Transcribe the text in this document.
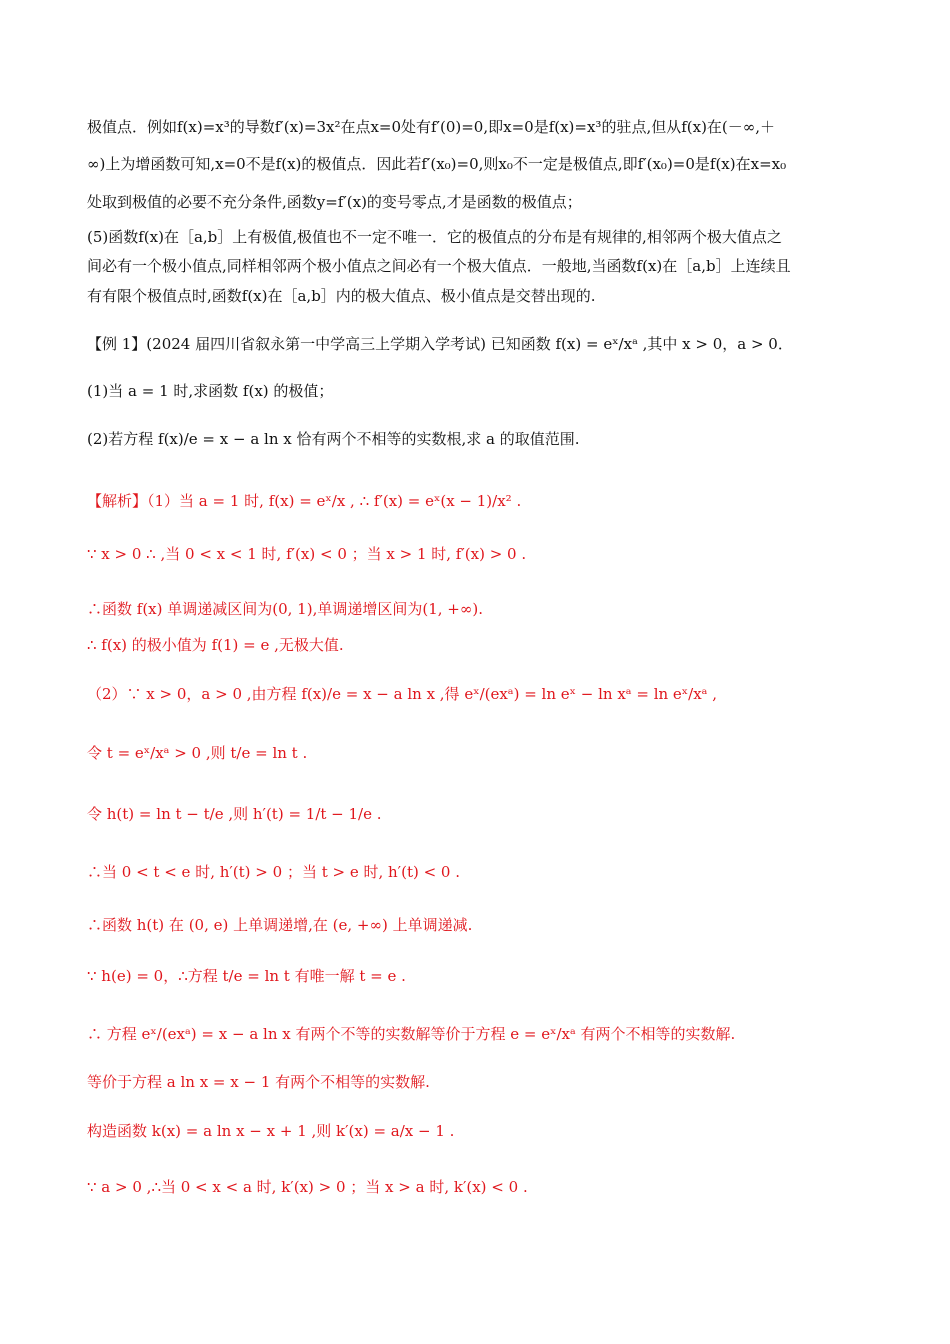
极值点．例如f(x)=x³的导数f′(x)=3x²在点x=0处有f′(0)=0,即x=0是f(x)=x³的驻点,但从f(x)在(－∞,＋
∞)上为增函数可知,x=0不是f(x)的极值点．因此若f′(x₀)=0,则x₀不一定是极值点,即f′(x₀)=0是f(x)在x=x₀
处取到极值的必要不充分条件,函数y=f′(x)的变号零点,才是函数的极值点；
(5)函数f(x)在［a,b］上有极值,极值也不一定不唯一．它的极值点的分布是有规律的,相邻两个极大值点之
间必有一个极小值点,同样相邻两个极小值点之间必有一个极大值点．一般地,当函数f(x)在［a,b］上连续且
有有限个极值点时,函数f(x)在［a,b］内的极大值点、极小值点是交替出现的.
【例 1】(2024 届四川省叙永第一中学高三上学期入学考试) 已知函数 f(x) = eˣ/xᵃ ,其中 x > 0，a > 0．
(1)当 a = 1 时,求函数 f(x) 的极值；
(2)若方程 f(x)/e = x − a ln x 恰有两个不相等的实数根,求 a 的取值范围.
【解析】（1）当 a = 1 时, f(x) = eˣ/x , ∴ f′(x) = eˣ(x − 1)/x² .
∵ x > 0 ∴ ,当 0 < x < 1 时, f′(x) < 0 ；当 x > 1 时, f′(x) > 0 .
∴函数 f(x) 单调递减区间为(0, 1),单调递增区间为(1, +∞).
∴ f(x) 的极小值为 f(1) = e ,无极大值.
（2）∵ x > 0，a > 0 ,由方程 f(x)/e = x − a ln x ,得 eˣ/(exᵃ) = ln eˣ − ln xᵃ = ln eˣ/xᵃ ,
令 t = eˣ/xᵃ > 0 ,则 t/e = ln t .
令 h(t) = ln t − t/e ,则 h′(t) = 1/t − 1/e .
∴当 0 < t < e 时, h′(t) > 0 ；当 t > e 时, h′(t) < 0 .
∴函数 h(t) 在 (0, e) 上单调递增,在 (e, +∞) 上单调递减.
∵ h(e) = 0，∴方程 t/e = ln t 有唯一解 t = e .
∴ 方程 eˣ/(exᵃ) = x − a ln x 有两个不等的实数解等价于方程 e = eˣ/xᵃ 有两个不相等的实数解.
等价于方程 a ln x = x − 1 有两个不相等的实数解.
构造函数 k(x) = a ln x − x + 1 ,则 k′(x) = a/x − 1 .
∵ a > 0 ,∴当 0 < x < a 时, k′(x) > 0 ；当 x > a 时, k′(x) < 0 .
